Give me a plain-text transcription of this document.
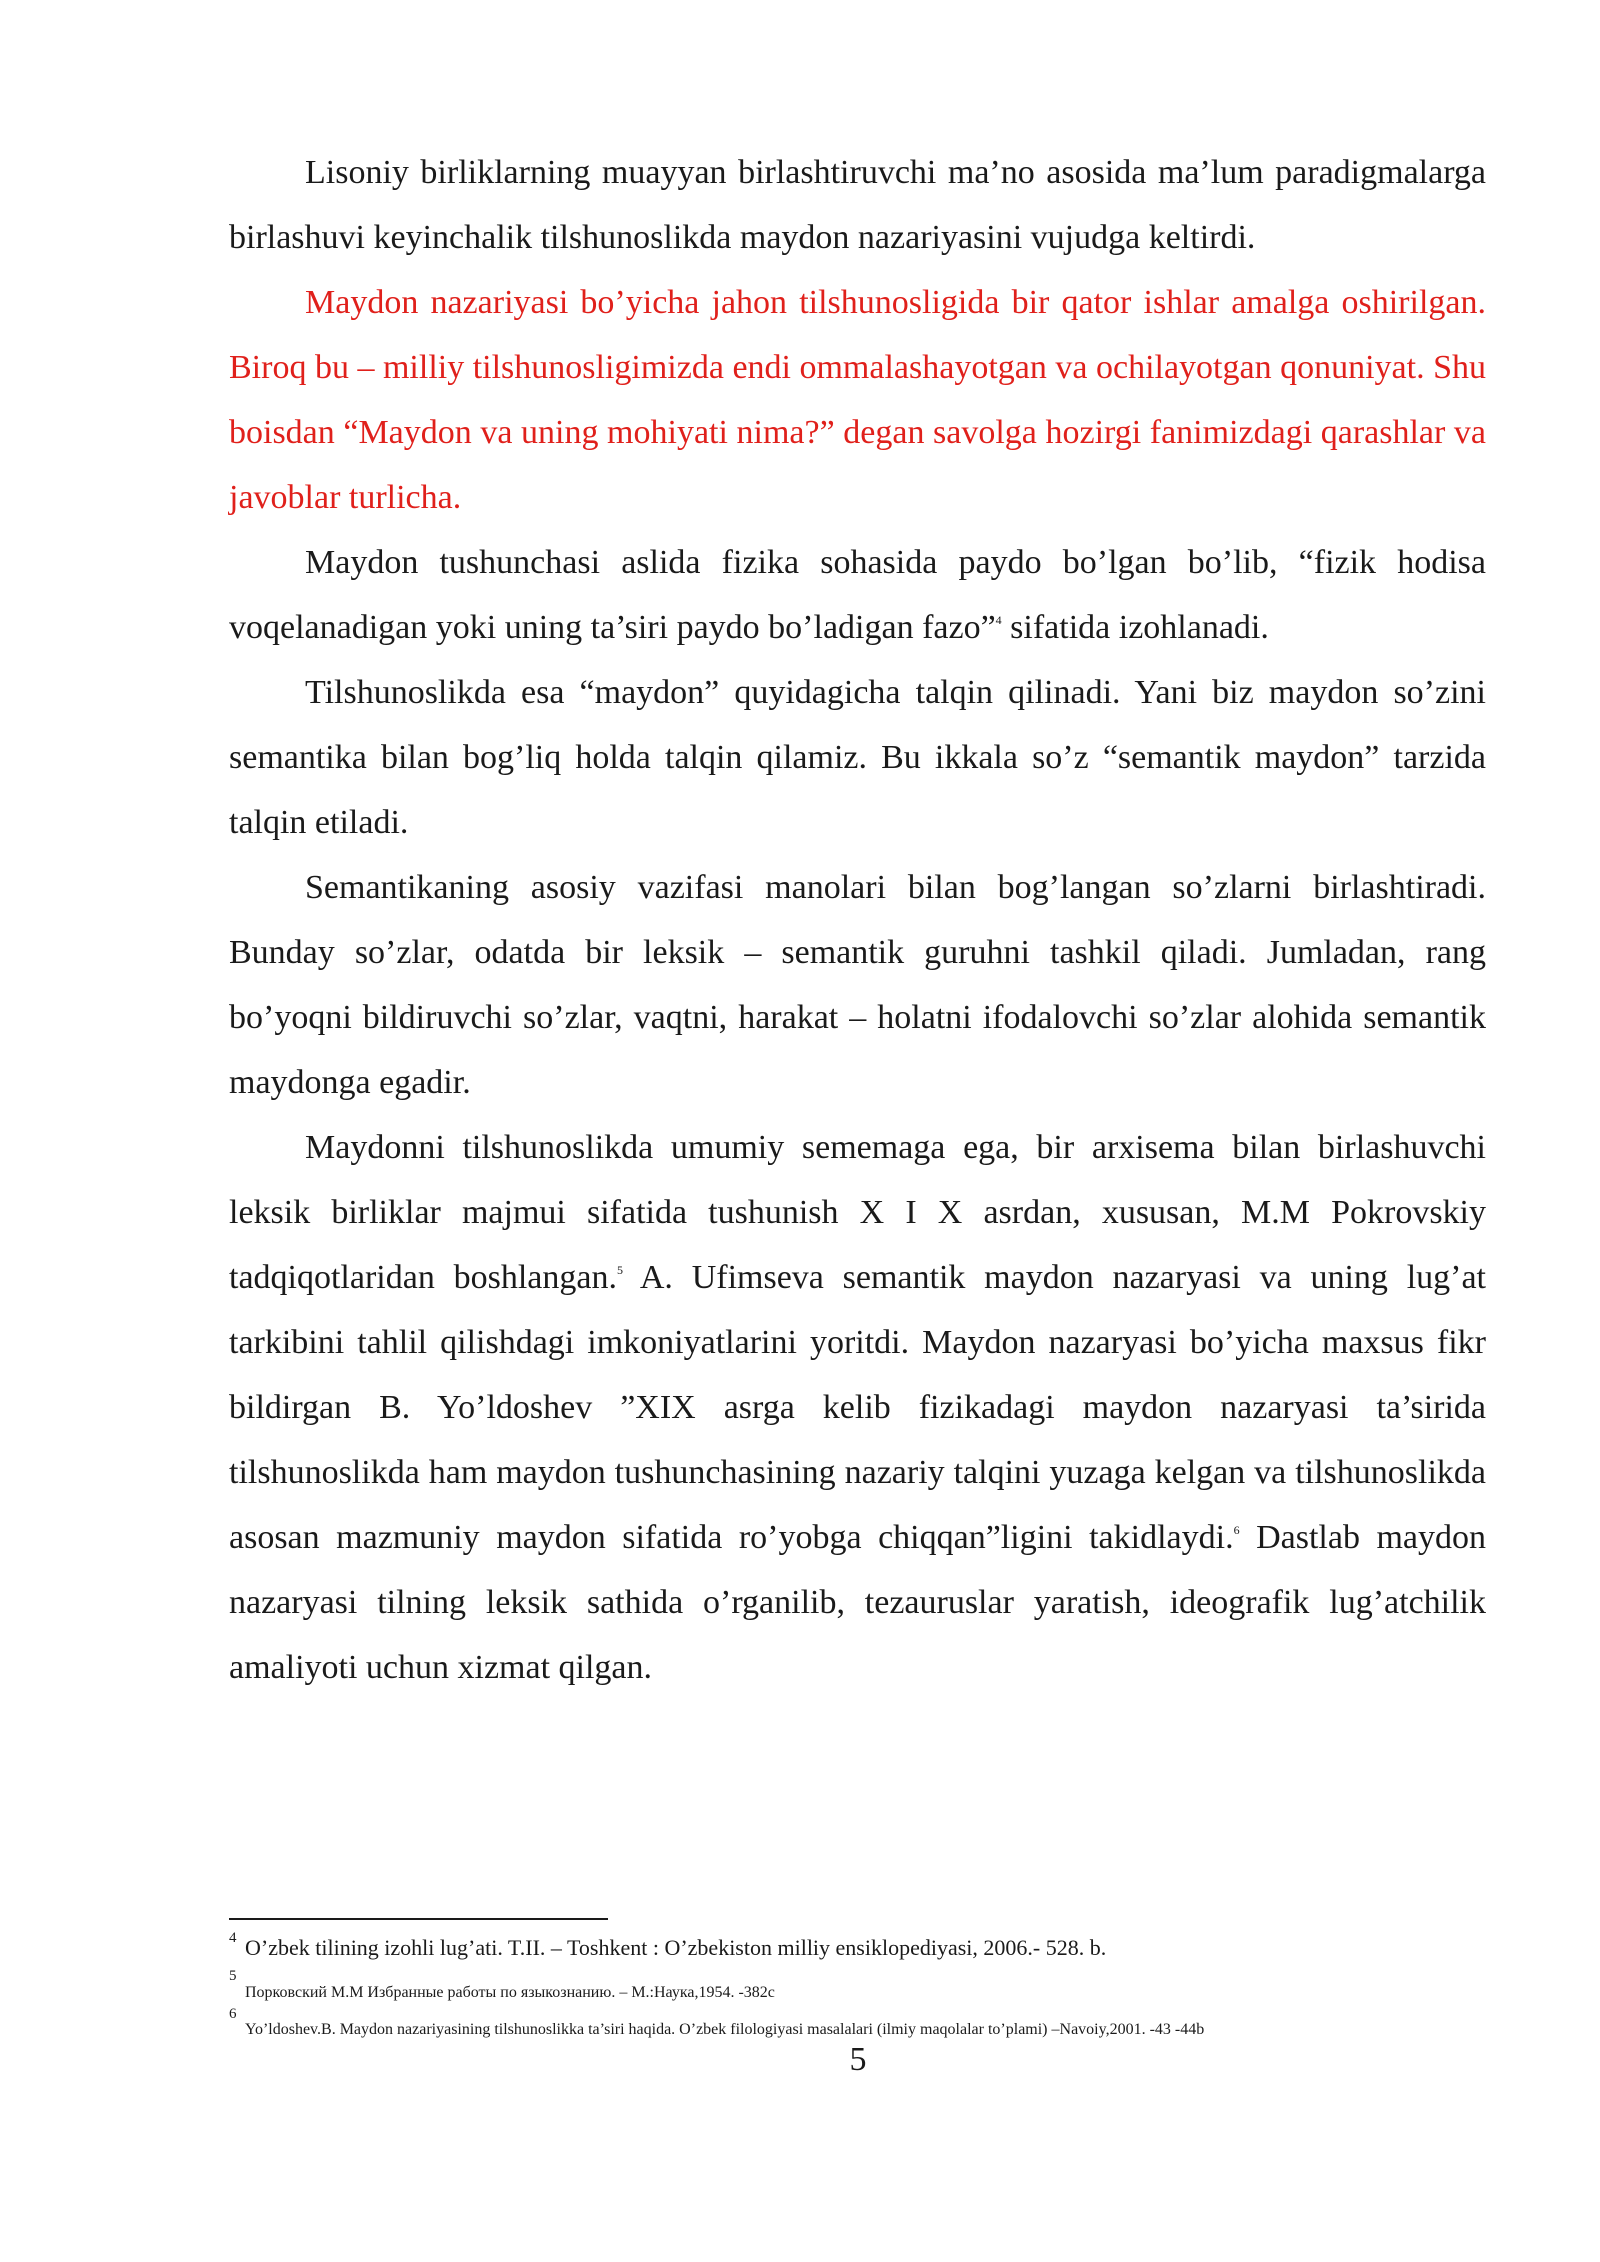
Lisoniy birliklarning muayyan birlashtiruvchi ma’no asosida ma’lum paradigmalarga birlashuvi keyinchalik tilshunoslikda maydon nazariyasini vujudga keltirdi.

Maydon nazariyasi bo’yicha jahon tilshunosligida bir qator ishlar amalga oshirilgan. Biroq bu – milliy tilshunosligimizda endi ommalashayotgan va ochilayotgan qonuniyat. Shu boisdan “Maydon va uning mohiyati nima?” degan savolga hozirgi fanimizdagi qarashlar va javoblar turlicha.

Maydon tushunchasi aslida fizika sohasida paydo bo’lgan bo’lib, “fizik hodisa voqelanadigan yoki uning ta’siri paydo bo’ladigan fazo”$^4$ sifatida izohlanadi.

Tilshunoslikda esa “maydon” quyidagicha talqin qilinadi. Yani biz maydon so’zini semantika bilan bog’liq holda talqin qilamiz. Bu ikkala so’z “semantik maydon” tarzida talqin etiladi.

Semantikaning asosiy vazifasi manolari bilan bog’langan so’zlarni birlashtiradi. Bunday so’zlar, odatda bir leksik – semantik guruhni tashkil qiladi. Jumladan, rang bo’yoqni bildiruvchi so’zlar, vaqtni, harakat – holatni ifodalovchi so’zlar alohida semantik maydonga egadir.

Maydonni tilshunoslikda umumiy sememaga ega, bir arxisema bilan birlashuvchi leksik birliklar majmui sifatida tushunish X I X asrdan, xususan, M.M Pokrovskiy tadqiqotlaridan boshlangan.$^5$ A. Ufimseva semantik maydon nazaryasi va uning lug’at tarkibini tahlil qilishdagi imkoniyatlarini yoritdi. Maydon nazaryasi bo’yicha maxsus fikr bildirgan B. Yo’ldoshev ”XIX asrga kelib fizikadagi maydon nazaryasi ta’sirida tilshunoslikda ham maydon tushunchasining nazariy talqini yuzaga kelgan va tilshunoslikda asosan mazmuniy maydon sifatida ro’yobga chiqqan”ligini takidlaydi.$^6$ Dastlab maydon nazaryasi tilning leksik sathida o’rganilib, tezauruslar yaratish, ideografik lug’atchilik amaliyoti uchun xizmat qilgan.

4 O’zbek tilining izohli lug’ati. T.II. – Toshkent : O’zbekiston milliy ensiklopediyasi, 2006.- 528. b.
5
Порковский М.М Избранные работы по языкознанию. – М.:Наука,1954. -382с
6
Yo’ldoshev.B. Maydon nazariyasining tilshunoslikka ta’siri haqida. O’zbek filologiyasi masalalari (ilmiy maqolalar to’plami) –Navoiy,2001. -43 -44b
5
